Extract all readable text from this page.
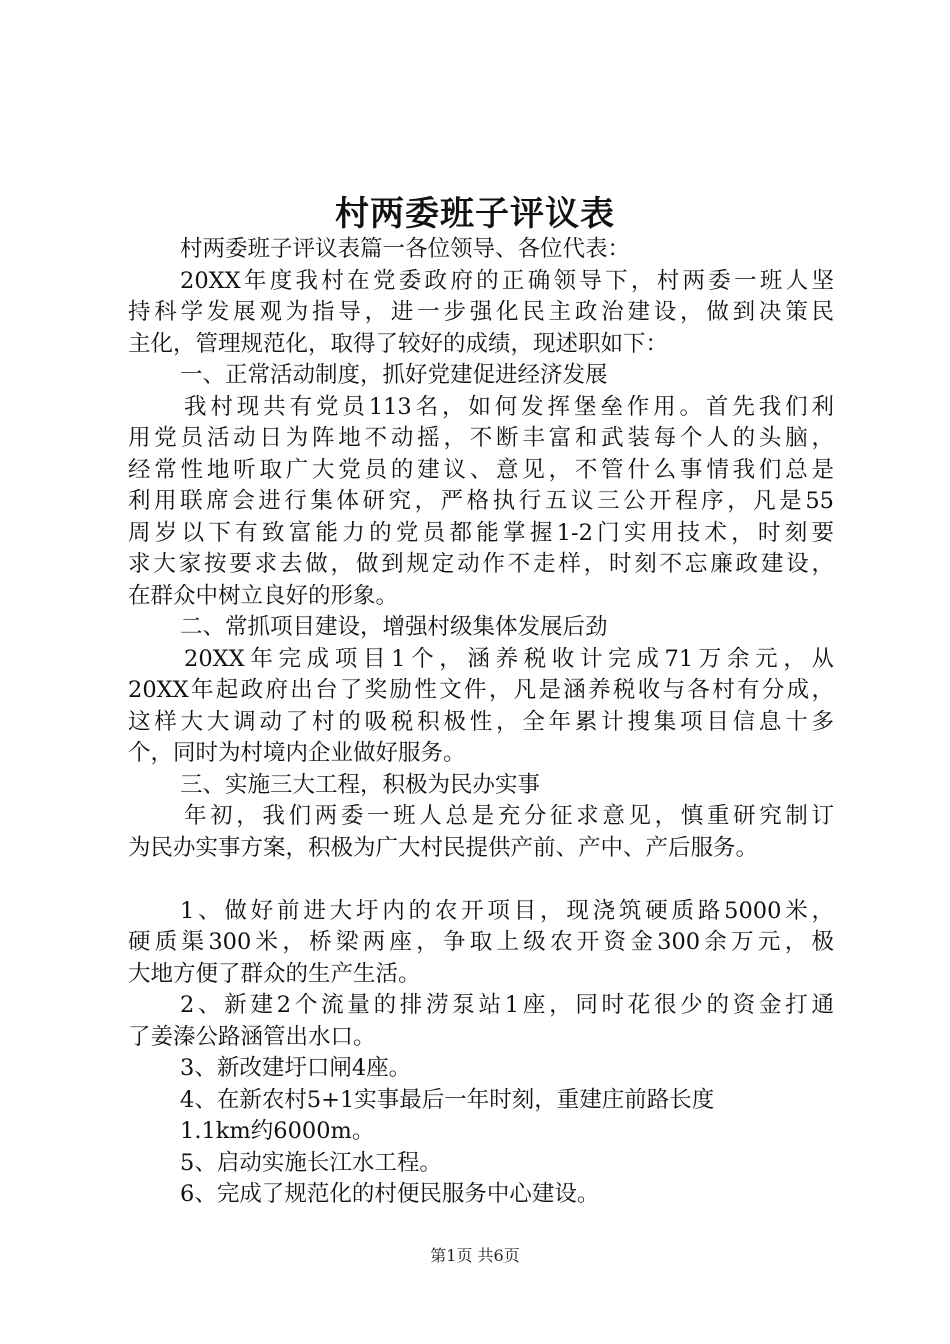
村两委班子评议表
村两委班子评议表篇一各位领导、各位代表：
20XX年度我村在党委政府的正确领导下，村两委一班人坚
持科学发展观为指导，进一步强化民主政治建设，做到决策民
主化，管理规范化，取得了较好的成绩，现述职如下：
一、正常活动制度，抓好党建促进经济发展
我村现共有党员113名，如何发挥堡垒作用。首先我们利
用党员活动日为阵地不动摇，不断丰富和武装每个人的头脑，
经常性地听取广大党员的建议、意见，不管什么事情我们总是
利用联席会进行集体研究，严格执行五议三公开程序，凡是55
周岁以下有致富能力的党员都能掌握1-2门实用技术，时刻要
求大家按要求去做，做到规定动作不走样，时刻不忘廉政建设，
在群众中树立良好的形象。
二、常抓项目建设，增强村级集体发展后劲
20XX年完成项目1个，涵养税收计完成71万余元，从
20XX年起政府出台了奖励性文件，凡是涵养税收与各村有分成，
这样大大调动了村的吸税积极性，全年累计搜集项目信息十多
个，同时为村境内企业做好服务。
三、实施三大工程，积极为民办实事
年初，我们两委一班人总是充分征求意见，慎重研究制订
为民办实事方案，积极为广大村民提供产前、产中、产后服务。
1、做好前进大圩内的农开项目，现浇筑硬质路5000米，
硬质渠300米，桥梁两座，争取上级农开资金300余万元，极
大地方便了群众的生产生活。
2、新建2个流量的排涝泵站1座，同时花很少的资金打通
了姜溱公路涵管出水口。
3、新改建圩口闸4座。
4、在新农村5+1实事最后一年时刻，重建庄前路长度
1.1km约6000m。
5、启动实施长江水工程。
6、完成了规范化的村便民服务中心建设。
第1页 共6页
